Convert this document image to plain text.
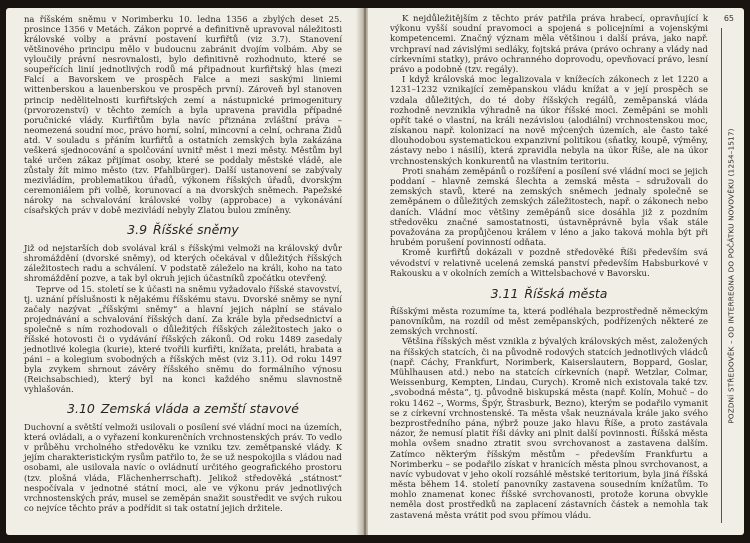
na říšském sněmu v Norimberku 10. ledna 1356 a zbylých deset 25. prosince 1356 v Metách. Zákon poprvé a definitivně upravoval náležitosti královské volby a právní postavení kurfiřtů (viz 3.7). Stanovení většinového principu mělo v budoucnu zabránit dvojím volbám. Aby se vyloučily právní nesrovnalosti, bylo definitivně rozhodnuto, které se soupeřících linií jednotlivých rodů má připadnout kurfiřtský hlas (mezi Falcí a Bavorskem ve prospěch Falce a mezi saskými liniemi wittenberskou a lauenberskou ve prospěch první). Zároveň byl stanoven princip nedělitelnosti kurfiřtských zemí a nástupnické primogenitury (prvorozenství) v těchto zemích a byla upravena pravidla případné poručnické vlády. Kurfiřtům byla navíc přiznána zvláštní práva – neomezená soudní moc, právo horní, solní, mincovní a celní, ochrana Židů atd. V souladu s přáním kurfiřtů a ostatních zemských byla zakázána veškerá sjednocování a spolčování uvnitř měst i mezi městy. Městům byl také určen zákaz přijímat osoby, které se poddaly městské vládě, ale zůstaly žít mimo město (tzv. Pfahlbürger). Další ustanovení se zabývaly mezivládím, problematikou úřadů, výkonem říšských úřadů, dvorským ceremoniálem při volbě, korunovací a na dvorských sněmech. Papežské nároky na schvalování královské volby (approbace) a vykonávání císařských práv v době mezivládí nebyly Zlatou bulou zmíněny.

3.9 Říšské sněmy

Již od nejstarších dob svolával král s říšskými velmoži na královský dvůr shromáždění (dvorské sněmy), od kterých očekával v důležitých říšských záležitostech radu a schválení. V podstatě záleželo na králi, koho na tato shromáždění pozve, a tak byl okruh jejich účastníků zpočátku otevřený.

Teprve od 15. století se k účasti na sněmu vyžadovalo říšské stavovství, tj. uznání příslušnosti k nějakému říšskému stavu. Dvorské sněmy se nyní začaly nazývat „říšskými sněmy“ a hlavní jejich náplní se stávalo projednávání a schvalování říšských daní. Za krále byla předsednictví a společně s ním rozhodovali o důležitých říšských záležitostech jako o říšské hotovosti či o vydávání říšských zákonů. Od roku 1489 zasedaly jednotlivé kolegia (kurie), které tvořili kurfiřti, knížata, preláti, hrabata a páni – a kolegium svobodných a říšských měst (viz 3.11). Od roku 1497 byla zvykem shrnout závěry říšského sněmu do formálního výnosu (Reichsabschied), který byl na konci každého sněmu slavnostně vyhlašován.

3.10 Zemská vláda a zemští stavové

Duchovní a světští velmoži usilovali o posílení své vládní moci na územích, která ovládali, a o vyřazení konkurenčních vrchnostenských práv. To vedlo v průběhu vrcholného středověku ke vzniku tzv. zemětpanské vlády. K jejím charakteristickým rysům patřilo to, že se už nespokojila s vládou nad osobami, ale usilovala navíc o ovládnutí určitého geografického prostoru (tzv. plošná vláda, Flächenherrschaft). Jelikož středověká „státnost“ nespočívala v jednotné státní moci, ale ve výkonu práv jednotlivých vrchnostenských práv, musel se zeměpán snažit soustředit ve svých rukou co nejvíce těchto práv a podřídit si tak ostatní jejich držitele.

K nejdůležitějším z těchto práv patřila práva hrabecí, opravňující k výkonu vyšší soudní pravomoci a spojená s policejními a vojenskými kompetencemi. Značný význam měla většinou i další práva, jako např. vrchpraví nad závislými sedláky, fojtská práva (právo ochrany a vlády nad církevními statky), právo ochranného doprovodu, opevňovací právo, lesní právo a podobně (tzv. regály).

I když královská moc legalizovala v knížecích zákonech z let 1220 a 1231–1232 vznikající zeměpanskou vládu knížat a v její prospěch se vzdala důležitých, do té doby říšských regálů, zeměpanská vláda rozhodně nevznikla výhradně na úkor říšské moci. Zeměpáni se mohli opřít také o vlastní, na králi nezávislou (alodiální) vrchnostenskou moc, získanou např. kolonizací na nově mýcených územích, ale často také dlouhodobou systematickou expanzivní politikou (sňatky, koupě, výměny, zástavy nebo i násilí), která zpravidla nebyla na úkor Říše, ale na úkor vrchnostenských konkurentů na vlastním teritoriu.

Proti snahám zeměpánů o rozšíření a posílení své vládní moci se jejich poddaní – hlavně zemská šlechta a zemská města – sdružovali do zemských stavů, které na zemských sněmech jednaly společně se zeměpánem o důležitých zemských záležitostech, např. o zákonech nebo daních. Vládní moc většiny zeměpánů sice dosáhla již z pozdním středověku značné samostatnosti, ústavněprávně byla však stále považována za propůjčenou králem v léno a jako taková mohla být při hrubém porušení povinností odňata.

Kromě kurfiřtů dokázali v pozdně středověké Říši především svá vévodství v relativně ucelená zemská panství především Habsburkové v Rakousku a v okolních zemích a Wittelsbachové v Bavorsku.

3.11 Říšská města

Říšskými města rozumíme ta, která podléhala bezprostředně německým panovníkům, na rozdíl od měst zeměpanských, podřízených některé ze zemských vrchností.

Většina říšských měst vznikla z bývalých královských měst, založených na říšských statcích, či na původně rodových statcích jednotlivých vládců (např. Cáchy, Frankfurt, Norimberk, Kaiserslautern, Boppard, Goslar, Mühlhausen atd.) nebo na statcích církevních (např. Wetzlar, Colmar, Weissenburg, Kempten, Lindau, Curych). Kromě nich existovala také tzv. „svobodná města“, tj. původně biskupská města (např. Kolín, Mohuč – do roku 1462 –, Worms, Špýr, Štrasburk, Bezno), kterým se podařilo vymanit se z církevní vrchnostenské. Ta města však neuznávala krále jako svého bezprostředního pána, nýbrž pouze jako hlavu Říše, a proto zastávala názor, že nemusí platit říši dávky ani plnit další povinnosti. Říšská města mohla ovšem snadno ztratit svou svrchovanost a zastavena dalším. Zatímco některým říšským městům – především Frankfurtu a Norimberku – se podařilo získat v hranicích města plnou svrchovanost, a navíc vybudovat v jeho okolí rozsáhlé městské teritorium, byla jiná říšská města během 14. století panovníky zastavena sousedním knížatům. To mohlo znamenat konec říšské svrchovanosti, protože koruna obvykle neměla dost prostředků na zaplacení zástavních částek a nemohla tak zastavená města vrátit pod svou přímou vládu.

65
POZDNÍ STŘEDOVĚK – OD INTERREGNA DO POČÁTKU NOVOVĚKU (1254–1517)
